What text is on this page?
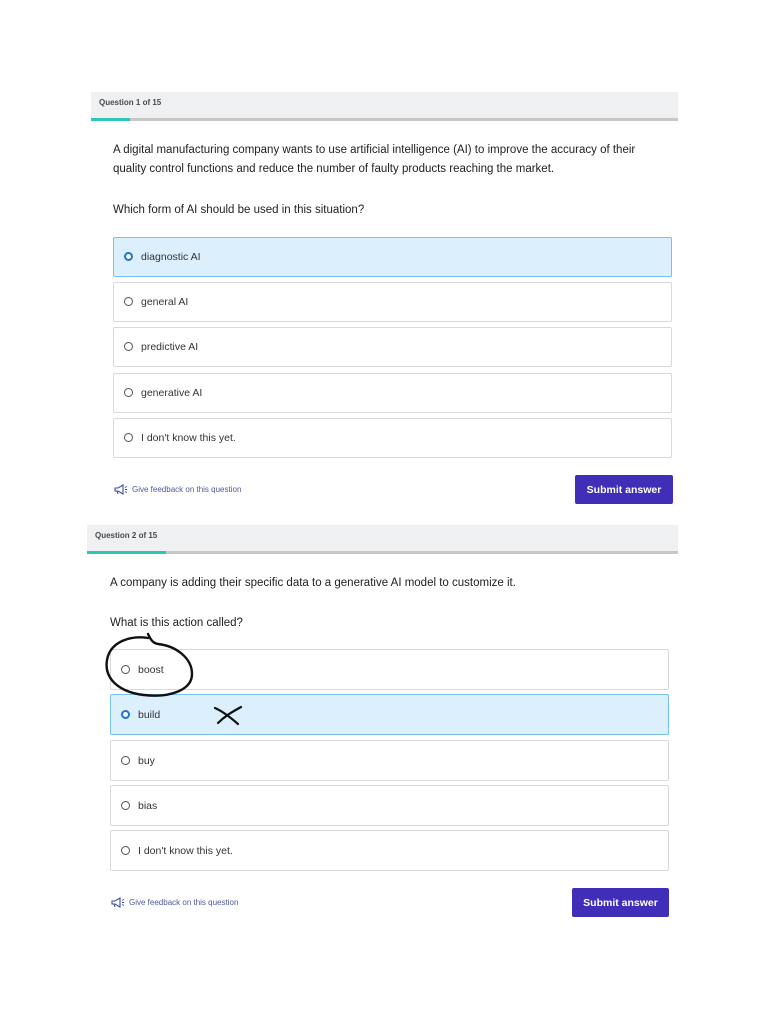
Question 1 of 15
A digital manufacturing company wants to use artificial intelligence (AI) to improve the accuracy of their quality control functions and reduce the number of faulty products reaching the market.
Which form of AI should be used in this situation?
diagnostic AI
general AI
predictive AI
generative AI
I don't know this yet.
Give feedback on this question	Submit answer
Question 2 of 15
A company is adding their specific data to a generative AI model to customize it.
What is this action called?
boost
build
buy
bias
I don't know this yet.
Give feedback on this question	Submit answer
